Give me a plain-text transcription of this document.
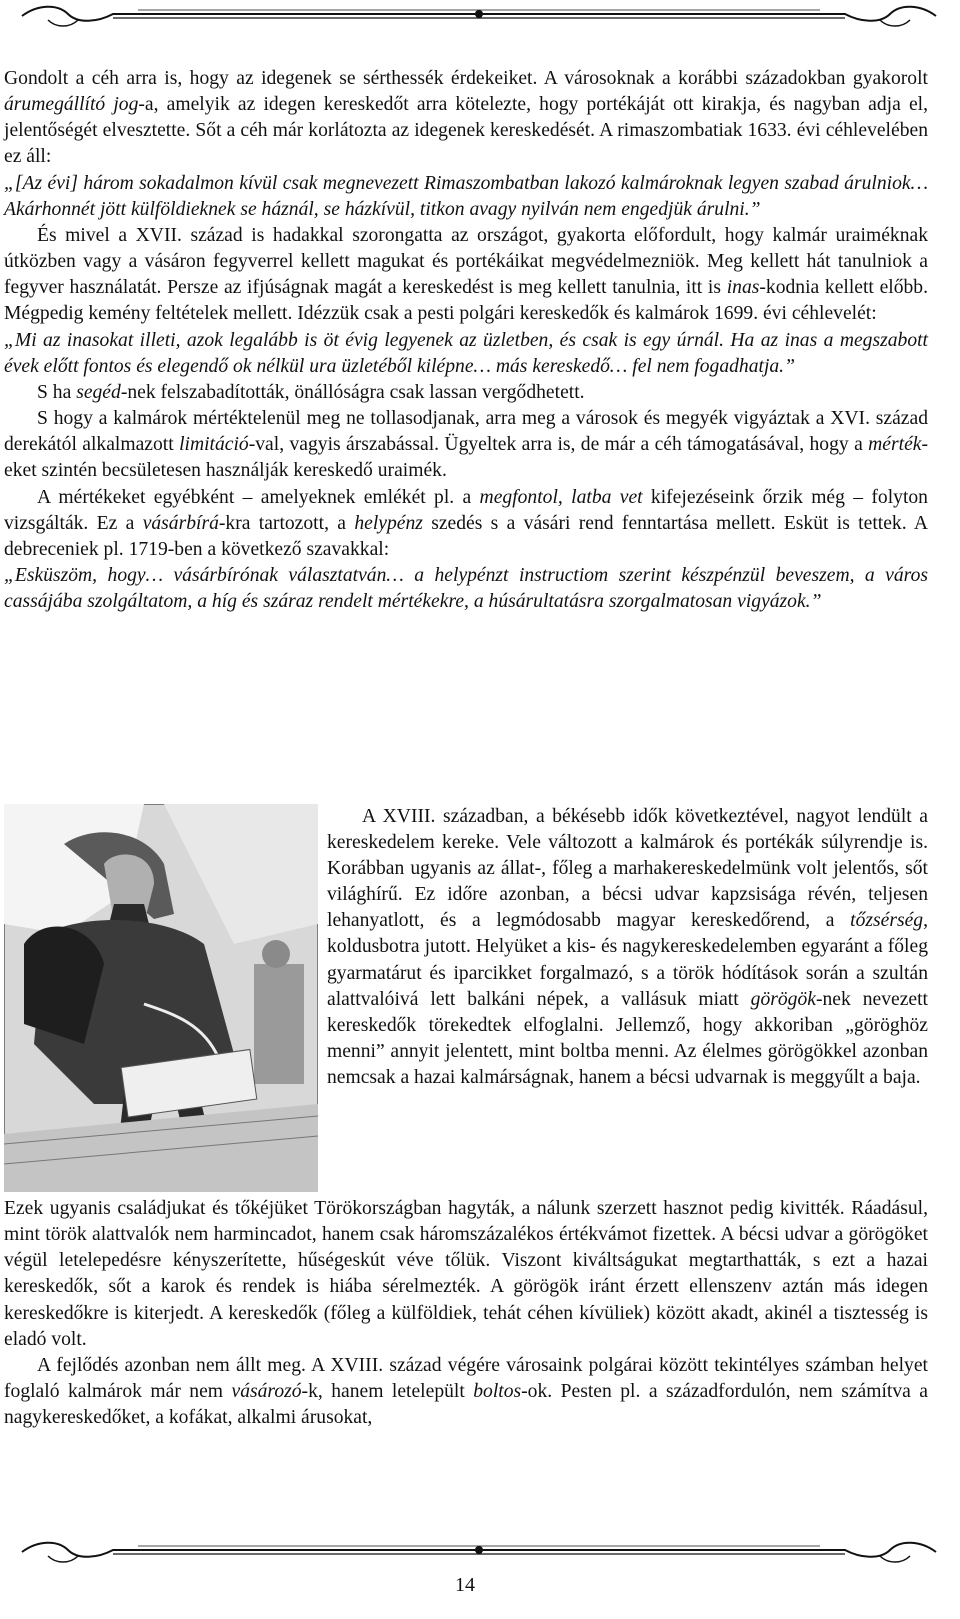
Gondolt a céh arra is, hogy az idegenek se sérthessék érdekeiket. A városoknak a korábbi századokban gyakorolt árumegállító jog-a, amelyik az idegen kereskedőt arra kötelezte, hogy portékáját ott kirakja, és nagyban adja el, jelentőségét elvesztette. Sőt a céh már korlátozta az idegenek kereskedését. A rimaszombatiak 1633. évi céhlevelében ez áll:

„[Az évi] három sokadalmon kívül csak megnevezett Rimaszombatban lakozó kalmároknak legyen szabad árulniok… Akárhonnét jött külföldieknek se háznál, se házkívül, titkon avagy nyilván nem engedjük árulni.”

És mivel a XVII. század is hadakkal szorongatta az országot, gyakorta előfordult, hogy kalmár uraiméknak útközben vagy a vásáron fegyverrel kellett magukat és portékáikat megvédelmezniök. Meg kellett hát tanulniok a fegyver használatát. Persze az ifjúságnak magát a kereskedést is meg kellett tanulnia, itt is inas-kodnia kellett előbb. Mégpedig kemény feltételek mellett. Idézzük csak a pesti polgári kereskedők és kalmárok 1699. évi céhlevelét:

„Mi az inasokat illeti, azok legalább is öt évig legyenek az üzletben, és csak is egy úrnál. Ha az inas a megszabott évek előtt fontos és elegendő ok nélkül ura üzletéből kilépne… más kereskedő… fel nem fogadhatja.”

S ha segéd-nek felszabadították, önállóságra csak lassan vergődhetett.

S hogy a kalmárok mértéktelenül meg ne tollasodjanak, arra meg a városok és megyék vigyáztak a XVI. század derekától alkalmazott limitáció-val, vagyis árszabással. Ügyeltek arra is, de már a céh támogatásával, hogy a mérték-eket szintén becsületesen használják kereskedő uraimék.

A mértékeket egyébként – amelyeknek emlékét pl. a megfontol, latba vet kifejezéseink őrzik még – folyton vizsgálták. Ez a vásárbírá-kra tartozott, a helypénz szedés s a vásári rend fenntartása mellett. Esküt is tettek. A debreceniek pl. 1719-ben a következő szavakkal:

„Esküszöm, hogy… vásárbírónak választatván… a helypénzt instructiom szerint készpénzül beveszem, a város cassájába szolgáltatom, a híg és száraz rendelt mértékekre, a húsárultatásra szorgalmatosan vigyázok.”

A XVIII. században, a békésebb idők következtével, nagyot lendült a kereskedelem kereke. Vele változott a kalmárok és portékák súlyrendje is. Korábban ugyanis az állat-, főleg a marhakereskedelmünk volt jelentős, sőt világhírű. Ez időre azonban, a bécsi udvar kapzsisága révén, teljesen lehanyatlott, és a legmódosabb magyar kereskedőrend, a tőzsérség, koldusbotra jutott. Helyüket a kis- és nagykereskedelemben egyaránt a főleg gyarmatárut és iparcikket forgalmazó, s a török hódítások során a szultán alattvalóivá lett balkáni népek, a vallásuk miatt görögök-nek nevezett kereskedők törekedtek elfoglalni. Jellemző, hogy akkoriban „göröghöz menni” annyit jelentett, mint boltba menni. Az élelmes görögökkel azonban nemcsak a hazai kalmárságnak, hanem a bécsi udvarnak is meggyűlt a baja.

Ezek ugyanis családjukat és tőkéjüket Törökországban hagyták, a nálunk szerzett hasznot pedig kivitték. Ráadásul, mint török alattvalók nem harmincadot, hanem csak háromszázalékos értékvámot fizettek. A bécsi udvar a görögöket végül letelepedésre kényszerítette, hűségeskút véve tőlük. Viszont kiváltságukat megtarthatták, s ezt a hazai kereskedők, sőt a karok és rendek is hiába sérelmezték. A görögök iránt érzett ellenszenv aztán más idegen kereskedőkre is kiterjedt. A kereskedők (főleg a külföldiek, tehát céhen kívüliek) között akadt, akinél a tisztesség is eladó volt.

A fejlődés azonban nem állt meg. A XVIII. század végére városaink polgárai között tekintélyes számban helyet foglaló kalmárok már nem vásározó-k, hanem letelepült boltos-ok. Pesten pl. a századfordulón, nem számítva a nagykereskedőket, a kofákat, alkalmi árusokat,

14
